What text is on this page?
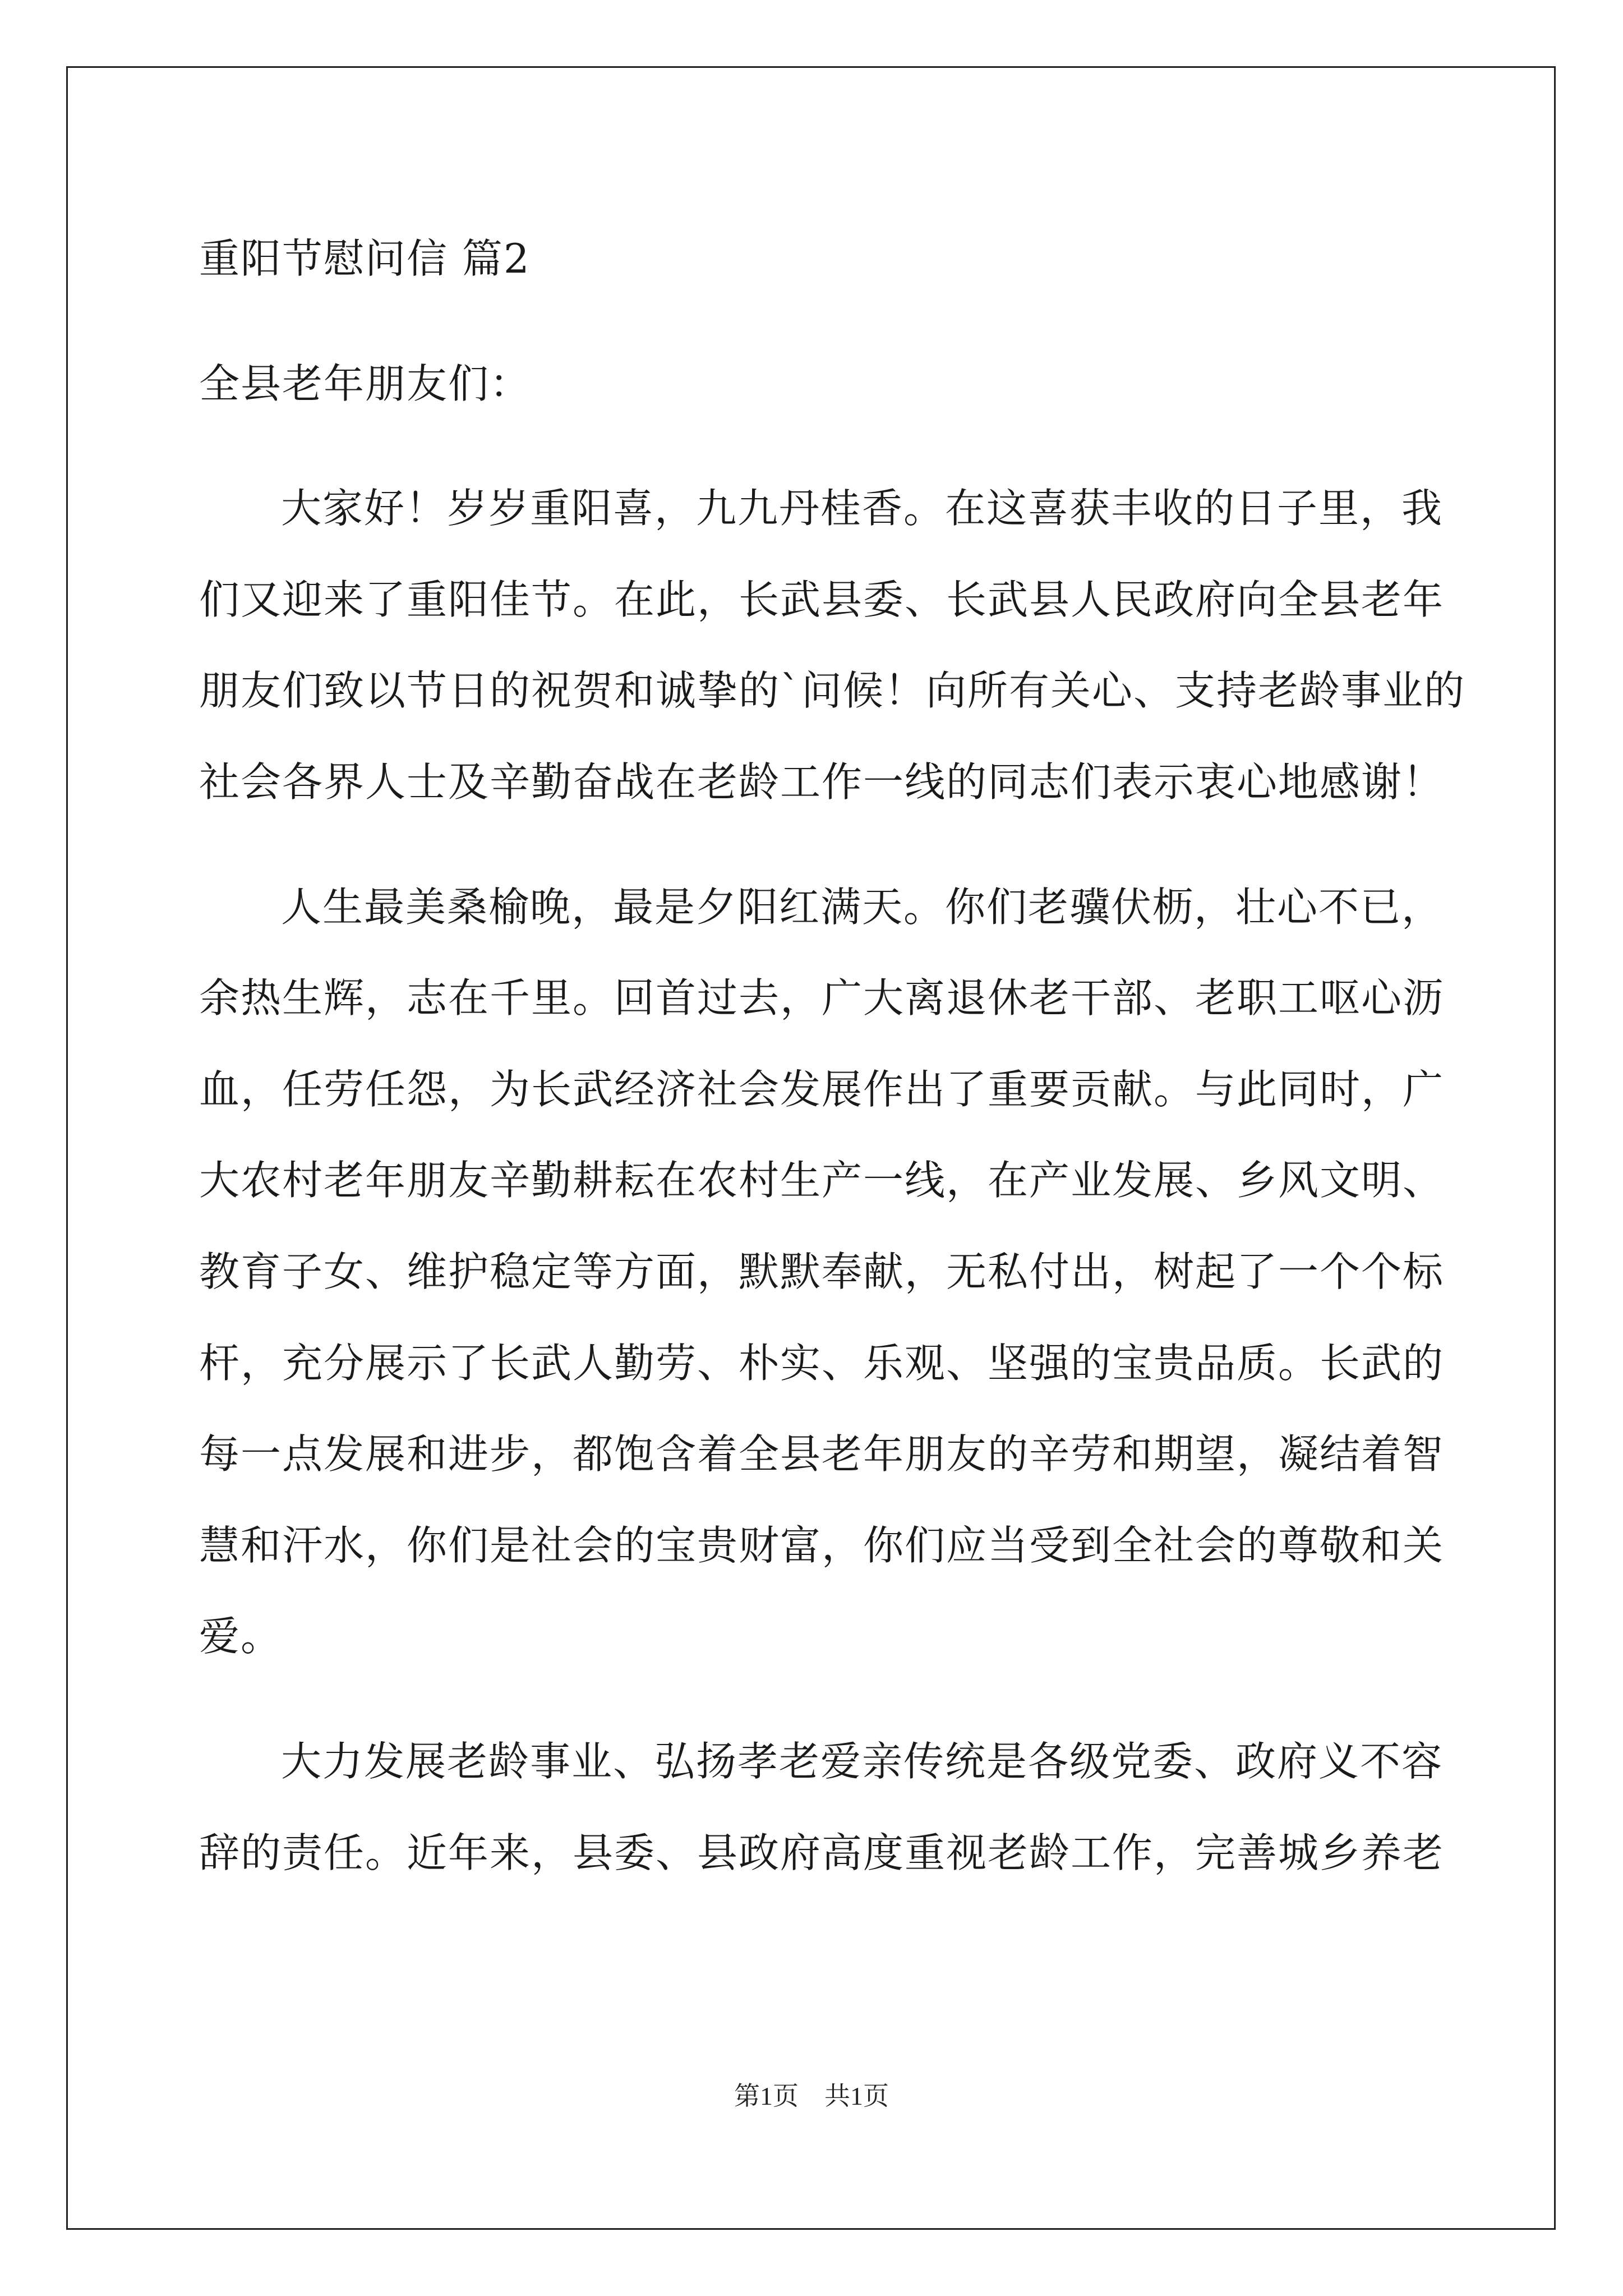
重阳节慰问信 篇2
全县老年朋友们：
大家好！岁岁重阳喜，九九丹桂香。在这喜获丰收的日子里，我
们又迎来了重阳佳节。在此，长武县委、长武县人民政府向全县老年
朋友们致以节日的祝贺和诚挚的`问候！向所有关心、支持老龄事业的
社会各界人士及辛勤奋战在老龄工作一线的同志们表示衷心地感谢！
人生最美桑榆晚，最是夕阳红满天。你们老骥伏枥，壮心不已，
余热生辉，志在千里。回首过去，广大离退休老干部、老职工呕心沥
血，任劳任怨，为长武经济社会发展作出了重要贡献。与此同时，广
大农村老年朋友辛勤耕耘在农村生产一线，在产业发展、乡风文明、
教育子女、维护稳定等方面，默默奉献，无私付出，树起了一个个标
杆，充分展示了长武人勤劳、朴实、乐观、坚强的宝贵品质。长武的
每一点发展和进步，都饱含着全县老年朋友的辛劳和期望，凝结着智
慧和汗水，你们是社会的宝贵财富，你们应当受到全社会的尊敬和关
爱。
大力发展老龄事业、弘扬孝老爱亲传统是各级党委、政府义不容
辞的责任。近年来，县委、县政府高度重视老龄工作，完善城乡养老
第1页　共1页
